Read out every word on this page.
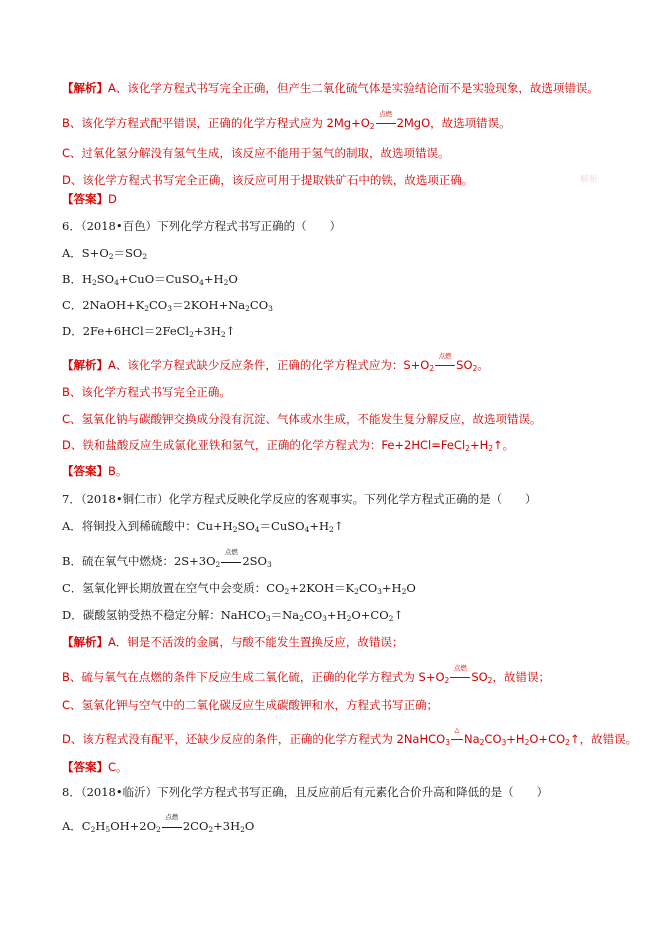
【解析】A、该化学方程式书写完全正确，但产生二氧化硫气体是实验结论而不是实验现象，故选项错误。
B、该化学方程式配平错误，正确的化学方程式应为 $2Mg+O_2$
点燃
2MgO，故选项错误。
C、过氧化氢分解没有氢气生成，该反应不能用于氢气的制取，故选项错误。
D、该化学方程式书写完全正确，该反应可用于提取铁矿石中的铁，故选项正确。	解析
【答案】D
6．（2018•百色）下列化学方程式书写正确的（　　）
A．$S+O_2=SO_2$
B．$H_2SO_4+CuO=CuSO_4+H_2O$
C．$2NaOH+K_2CO_3=2KOH+Na_2CO_3$
D．$2Fe+6HCl=2FeCl_2+3H_2↑$
【解析】A、该化学方程式缺少反应条件，正确的化学方程式应为：$S+O_2$
点燃
$SO_2$。
B、该化学方程式书写完全正确。
C、氢氧化钠与碳酸钾交换成分没有沉淀、气体或水生成，不能发生复分解反应，故选项错误。
D、铁和盐酸反应生成氯化亚铁和氢气，正确的化学方程式为：$Fe+2HCl=FeCl_2+H_2↑$。
【答案】B。
7．（2018•铜仁市）化学方程式反映化学反应的客观事实。下列化学方程式正确的是（　　）
A．将铜投入到稀硫酸中：$Cu+H_2SO_4=CuSO_4+H_2↑$
B．硫在氧气中燃烧：$2S+3O_2$
点燃
$2SO_3$
C．氢氧化钾长期放置在空气中会变质：$CO_2+2KOH=K_2CO_3+H_2O$
D．碳酸氢钠受热不稳定分解：$NaHCO_3=Na_2CO_3+H_2O+CO_2↑$
【解析】A．铜是不活泼的金属，与酸不能发生置换反应，故错误；
B、硫与氧气在点燃的条件下反应生成二氧化硫，正确的化学方程式为 $S+O_2$
点燃
$SO_2$，故错误；
C、氢氧化钾与空气中的二氧化碳反应生成碳酸钾和水，方程式书写正确；
D、该方程式没有配平，还缺少反应的条件，正确的化学方程式为 2NaHCO$_3$
△
$Na_2CO_3+H_2O+CO_2↑$，故错误。
【答案】C。
8．（2018•临沂）下列化学方程式书写正确，且反应前后有元素化合价升高和降低的是（　　）
A．$C_2H_5OH+2O_2$
点燃
$2CO_2+3H_2O$
